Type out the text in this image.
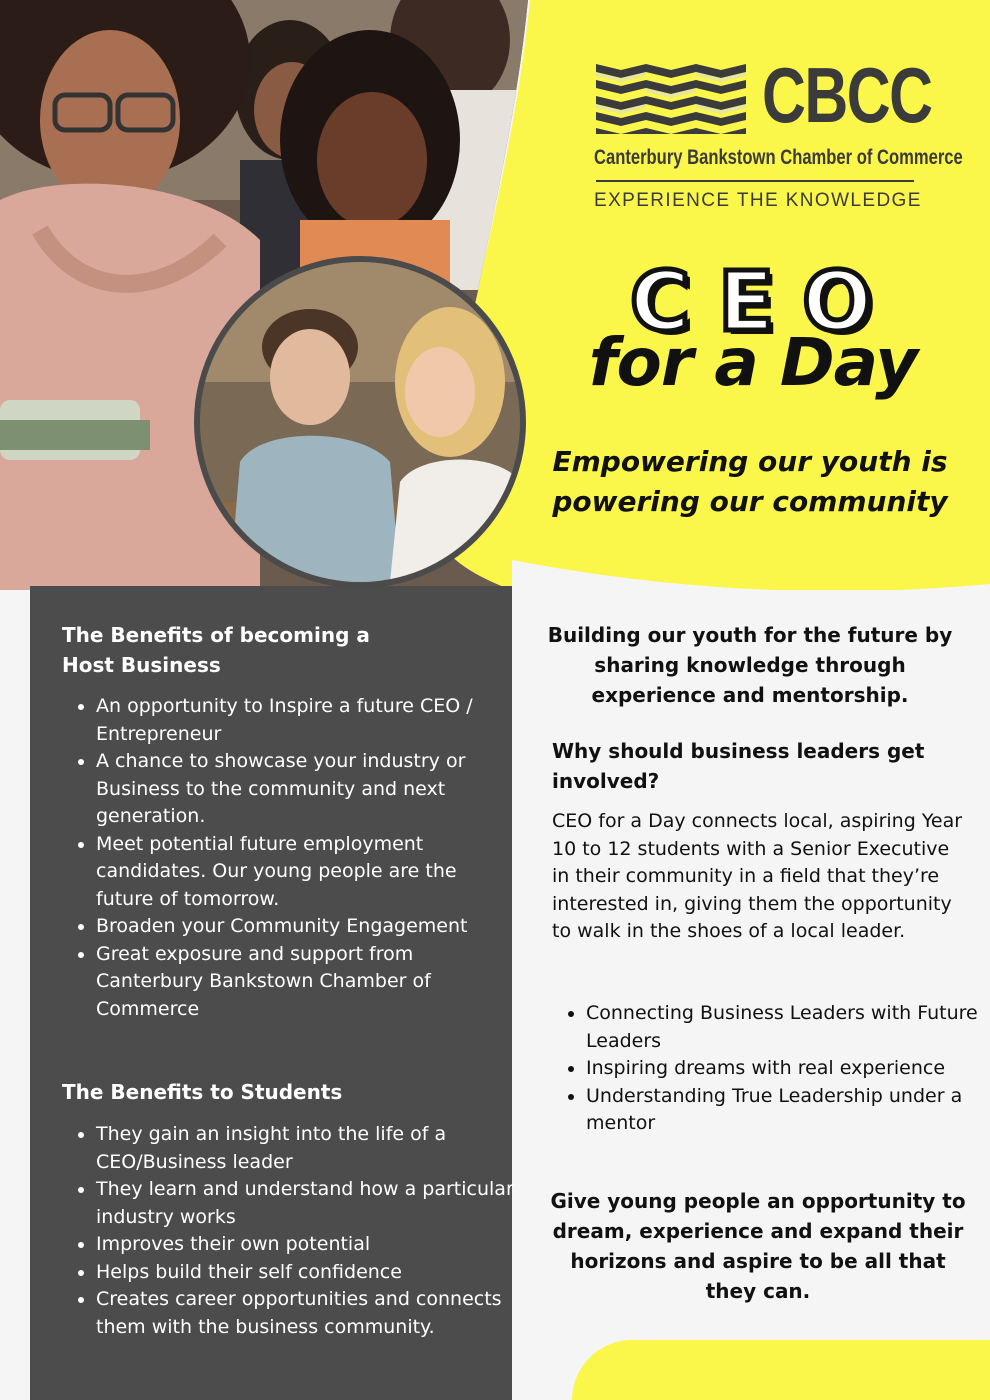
CBCC
Canterbury Bankstown Chamber of Commerce
EXPERIENCE THE KNOWLEDGE
CEO
for a Day
Empowering our youth is
powering our community
The Benefits of becoming a
Host Business
• An opportunity to Inspire a future CEO / Entrepreneur
• A chance to showcase your industry or Business to the community and next generation.
• Meet potential future employment candidates. Our young people are the future of tomorrow.
• Broaden your Community Engagement
• Great exposure and support from Canterbury Bankstown Chamber of Commerce
The Benefits to Students
• They gain an insight into the life of a CEO/Business leader
• They learn and understand how a particular industry works
• Improves their own potential
• Helps build their self confidence
• Creates career opportunities and connects them with the business community.

Building our youth for the future by sharing knowledge through experience and mentorship.

Why should business leaders get involved?

CEO for a Day connects local, aspiring Year 10 to 12 students with a Senior Executive in their community in a field that they’re interested in, giving them the opportunity to walk in the shoes of a local leader.

• Connecting Business Leaders with Future Leaders
• Inspiring dreams with real experience
• Understanding True Leadership under a mentor

Give young people an opportunity to dream, experience and expand their horizons and aspire to be all that they can.
